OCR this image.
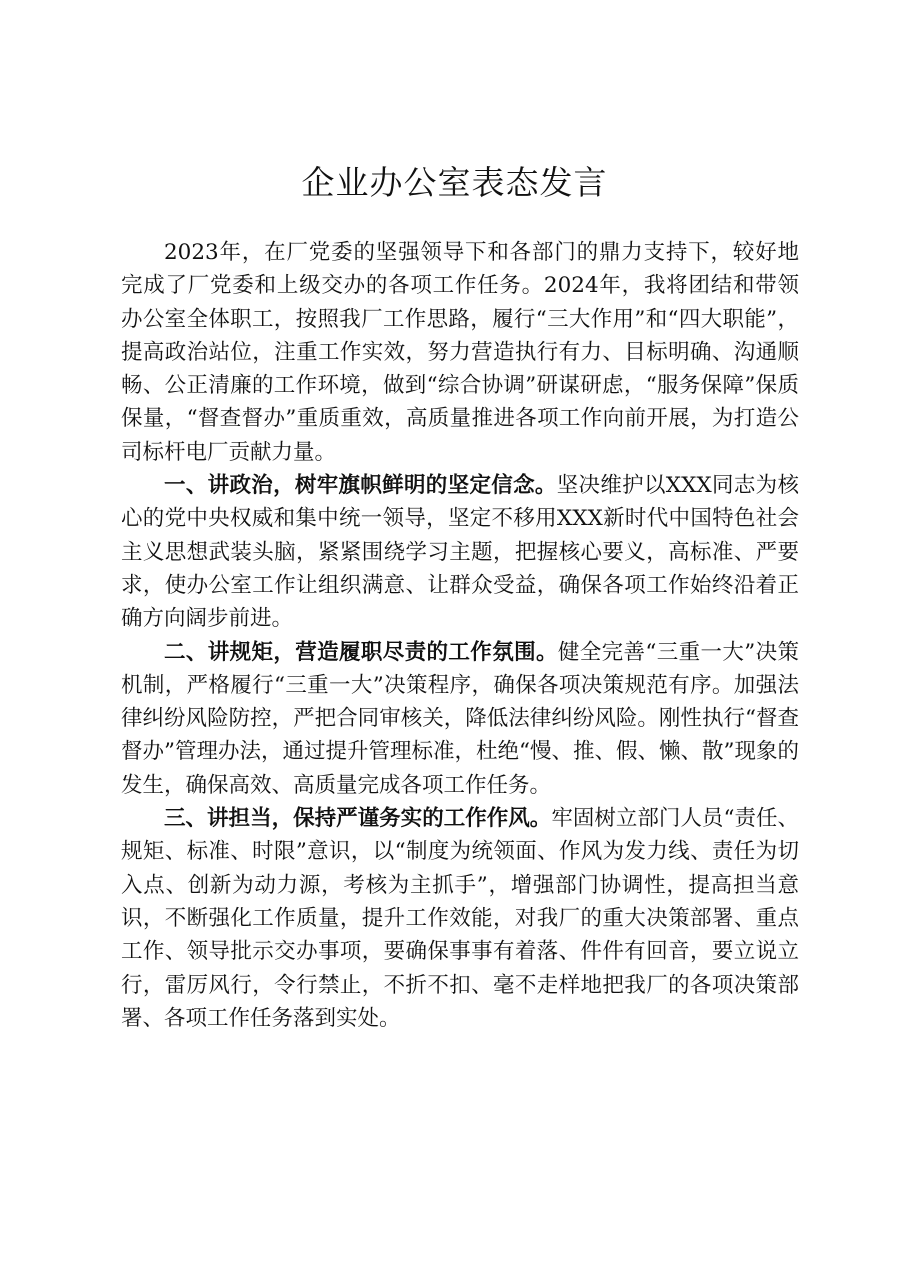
企业办公室表态发言

2023年，在厂党委的坚强领导下和各部门的鼎力支持下，较好地完成了厂党委和上级交办的各项工作任务。2024年，我将团结和带领办公室全体职工，按照我厂工作思路，履行“三大作用”和“四大职能”，提高政治站位，注重工作实效，努力营造执行有力、目标明确、沟通顺畅、公正清廉的工作环境，做到“综合协调”研谋研虑，“服务保障”保质保量，“督查督办”重质重效，高质量推进各项工作向前开展，为打造公司标杆电厂贡献力量。

一、讲政治，树牢旗帜鲜明的坚定信念。坚决维护以XXX同志为核心的党中央权威和集中统一领导，坚定不移用XXX新时代中国特色社会主义思想武装头脑，紧紧围绕学习主题，把握核心要义，高标准、严要求，使办公室工作让组织满意、让群众受益，确保各项工作始终沿着正确方向阔步前进。

二、讲规矩，营造履职尽责的工作氛围。健全完善“三重一大”决策机制，严格履行“三重一大”决策程序，确保各项决策规范有序。加强法律纠纷风险防控，严把合同审核关，降低法律纠纷风险。刚性执行“督查督办”管理办法，通过提升管理标准，杜绝“慢、推、假、懒、散”现象的发生，确保高效、高质量完成各项工作任务。

三、讲担当，保持严谨务实的工作作风。牢固树立部门人员“责任、规矩、标准、时限”意识，以“制度为统领面、作风为发力线、责任为切入点、创新为动力源，考核为主抓手”，增强部门协调性，提高担当意识，不断强化工作质量，提升工作效能，对我厂的重大决策部署、重点工作、领导批示交办事项，要确保事事有着落、件件有回音，要立说立行，雷厉风行，令行禁止，不折不扣、毫不走样地把我厂的各项决策部署、各项工作任务落到实处。
